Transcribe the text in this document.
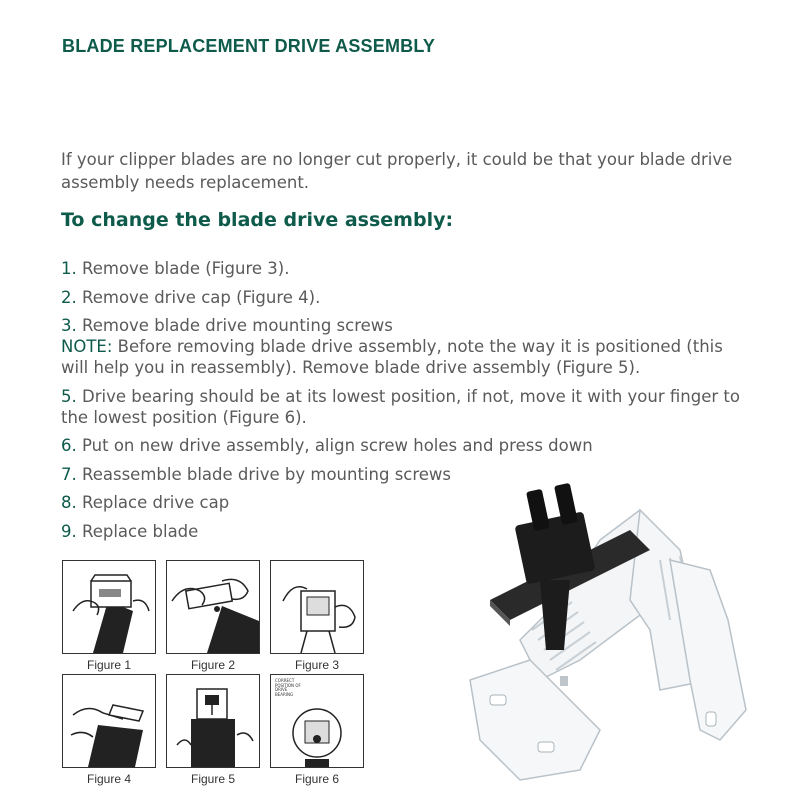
BLADE REPLACEMENT DRIVE ASSEMBLY
If your clipper blades are no longer cut properly, it could be that your blade drive assembly needs replacement.
To change the blade drive assembly:
1. Remove blade (Figure 3).
2. Remove drive cap (Figure 4).
3. Remove blade drive mounting screws
NOTE: Before removing blade drive assembly, note the way it is positioned (this will help you in reassembly). Remove blade drive assembly (Figure 5).
5. Drive bearing should be at its lowest position, if not, move it with your finger to the lowest position (Figure 6).
6. Put on new drive assembly, align screw holes and press down
7. Reassemble blade drive by mounting screws
8. Replace drive cap
9. Replace blade
Figure 1	Figure 2	Figure 3
Figure 4	Figure 5
CORRECT POSITION OF DRIVE BEARING
Figure 6
